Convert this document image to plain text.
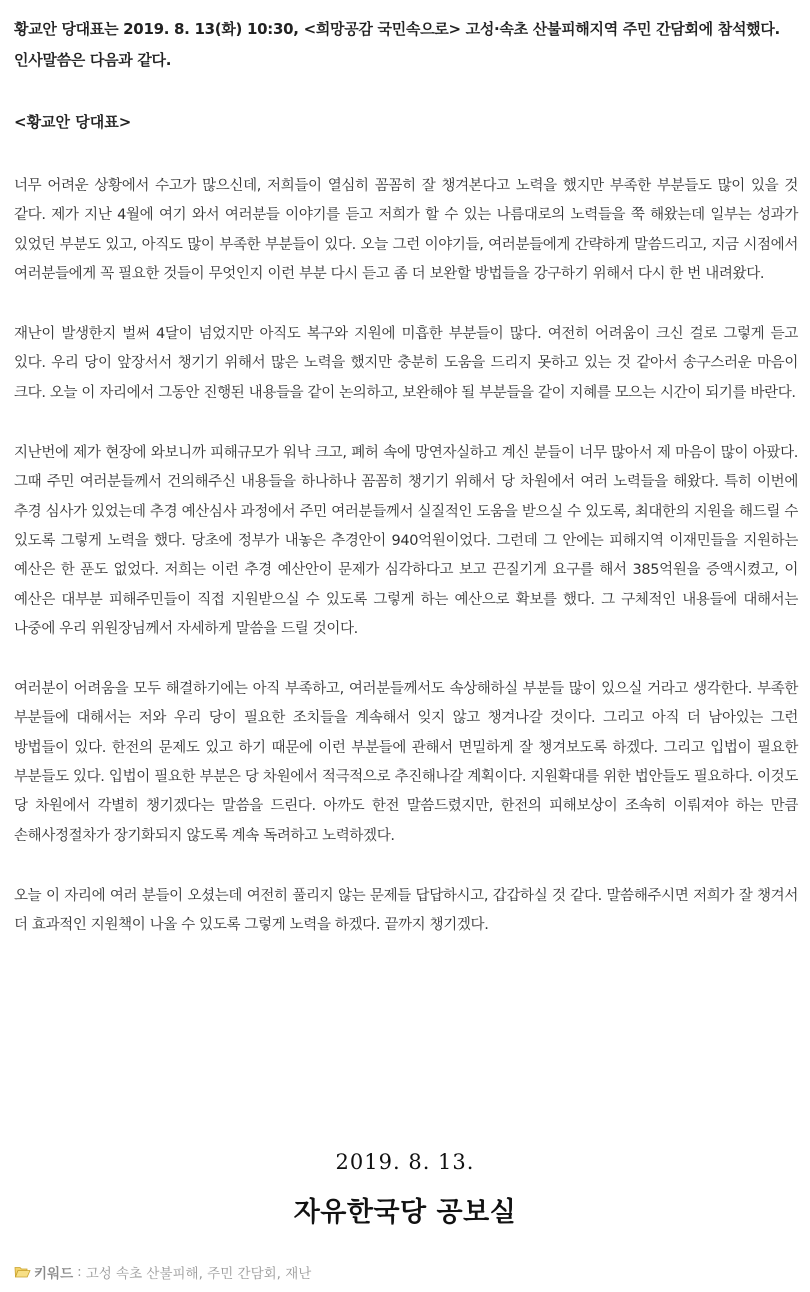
황교안 당대표는 2019. 8. 13(화) 10:30, <희망공감 국민속으로> 고성·속초 산불피해지역 주민 간담회에 참석했다. 인사말씀은 다음과 같다.

<황교안 당대표>

너무 어려운 상황에서 수고가 많으신데, 저희들이 열심히 꼼꼼히 잘 챙겨본다고 노력을 했지만 부족한 부분들도 많이 있을 것 같다. 제가 지난 4월에 여기 와서 여러분들 이야기를 듣고 저희가 할 수 있는 나름대로의 노력들을 쭉 해왔는데 일부는 성과가 있었던 부분도 있고, 아직도 많이 부족한 부분들이 있다. 오늘 그런 이야기들, 여러분들에게 간략하게 말씀드리고, 지금 시점에서 여러분들에게 꼭 필요한 것들이 무엇인지 이런 부분 다시 듣고 좀 더 보완할 방법들을 강구하기 위해서 다시 한 번 내려왔다.

재난이 발생한지 벌써 4달이 넘었지만 아직도 복구와 지원에 미흡한 부분들이 많다. 여전히 어려움이 크신 걸로 그렇게 듣고 있다. 우리 당이 앞장서서 챙기기 위해서 많은 노력을 했지만 충분히 도움을 드리지 못하고 있는 것 같아서 송구스러운 마음이 크다. 오늘 이 자리에서 그동안 진행된 내용들을 같이 논의하고, 보완해야 될 부분들을 같이 지혜를 모으는 시간이 되기를 바란다.

지난번에 제가 현장에 와보니까 피해규모가 워낙 크고, 폐허 속에 망연자실하고 계신 분들이 너무 많아서 제 마음이 많이 아팠다. 그때 주민 여러분들께서 건의해주신 내용들을 하나하나 꼼꼼히 챙기기 위해서 당 차원에서 여러 노력들을 해왔다. 특히 이번에 추경 심사가 있었는데 추경 예산심사 과정에서 주민 여러분들께서 실질적인 도움을 받으실 수 있도록, 최대한의 지원을 해드릴 수 있도록 그렇게 노력을 했다. 당초에 정부가 내놓은 추경안이 940억원이었다. 그런데 그 안에는 피해지역 이재민들을 지원하는 예산은 한 푼도 없었다. 저희는 이런 추경 예산안이 문제가 심각하다고 보고 끈질기게 요구를 해서 385억원을 증액시켰고, 이 예산은 대부분 피해주민들이 직접 지원받으실 수 있도록 그렇게 하는 예산으로 확보를 했다. 그 구체적인 내용들에 대해서는 나중에 우리 위원장님께서 자세하게 말씀을 드릴 것이다.

여러분이 어려움을 모두 해결하기에는 아직 부족하고, 여러분들께서도 속상해하실 부분들 많이 있으실 거라고 생각한다. 부족한 부분들에 대해서는 저와 우리 당이 필요한 조치들을 계속해서 잊지 않고 챙겨나갈 것이다. 그리고 아직 더 남아있는 그런 방법들이 있다. 한전의 문제도 있고 하기 때문에 이런 부분들에 관해서 면밀하게 잘 챙겨보도록 하겠다. 그리고 입법이 필요한 부분들도 있다. 입법이 필요한 부분은 당 차원에서 적극적으로 추진해나갈 계획이다. 지원확대를 위한 법안들도 필요하다. 이것도 당 차원에서 각별히 챙기겠다는 말씀을 드린다. 아까도 한전 말씀드렸지만, 한전의 피해보상이 조속히 이뤄져야 하는 만큼 손해사정절차가 장기화되지 않도록 계속 독려하고 노력하겠다.

오늘 이 자리에 여러 분들이 오셨는데 여전히 풀리지 않는 문제들 답답하시고, 갑갑하실 것 같다. 말씀해주시면 저희가 잘 챙겨서 더 효과적인 지원책이 나올 수 있도록 그렇게 노력을 하겠다. 끝까지 챙기겠다.

2019. 8. 13.
자유한국당 공보실
키워드 : 고성 속초 산불피해, 주민 간담회, 재난
